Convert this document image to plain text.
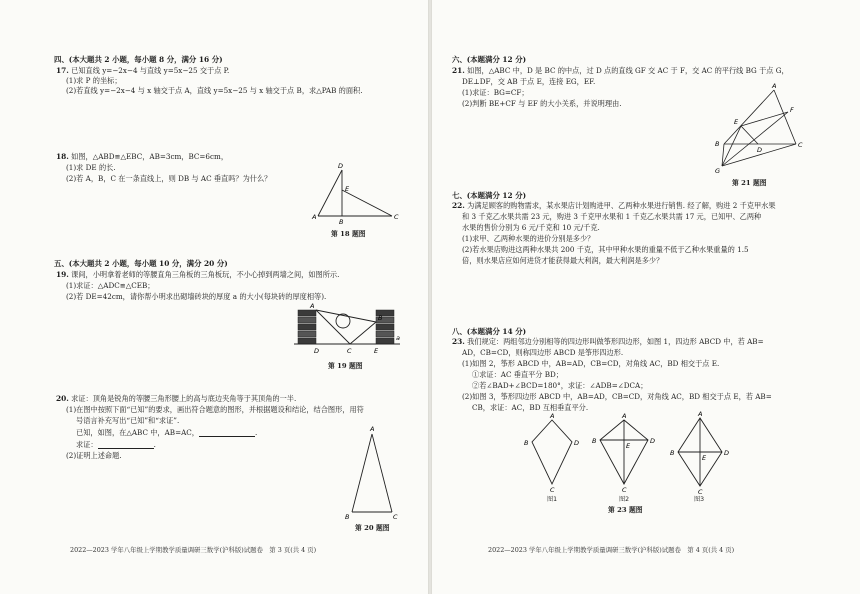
四、(本大题共 2 小题，每小题 8 分，满分 16 分)
17. 已知直线 y=−2x−4 与直线 y=5x−25 交于点 P.
(1)求 P 的坐标；
(2)若直线 y=−2x−4 与 x 轴交于点 A，直线 y=5x−25 与 x 轴交于点 B，求△PAB 的面积.
18. 如图，△ABD≌△EBC，AB=3cm，BC=6cm，
(1)求 DE 的长.
(2)若 A，B，C 在一条直线上，则 DB 与 AC 垂直吗？为什么？
D
E
A
B
C
第 18 题图
五、(本大题共 2 小题，每小题 10 分，满分 20 分)
19. 课间，小明拿着老师的等腰直角三角板的三角板玩，不小心掉到两墙之间，如图所示.
(1)求证：△ADC≌△CEB；
(2)若 DE=42cm，请你帮小明求出砌墙砖块的厚度 a 的大小(每块砖的厚度相等).
A
B
D	C	E
a
第 19 题图
20. 求证：顶角是锐角的等腰三角形腰上的高与底边夹角等于其顶角的一半.
(1)在图中按照下面“已知”的要求，画出符合题意的图形，并根据题设和结论，结合图形，用符
号语言补充写出“已知”和“求证”.
已知，如图，在△ABC 中，AB=AC，	.
求证：	.
(2)证明上述命题.
A
B	C
第 20 题图
2022—2023 学年八年级上学期教学质量调研三数学(沪科版)试题卷　第 3 页(共 4 页)
六、(本题满分 12 分)
21. 如图，△ABC 中，D 是 BC 的中点，过 D 点的直线 GF 交 AC 于 F，交 AC 的平行线 BG 于点 G，
DE⊥DF，交 AB 于点 E，连接 EG，EF.
(1)求证：BG=CF；
(2)判断 BE+CF 与 EF 的大小关系，并说明理由.
A
F
E
B
D
C
G
第 21 题图
七、(本题满分 12 分)
22. 为满足顾客的购物需求，某水果店计划购进甲、乙两种水果进行销售. 经了解，购进 2 千克甲水果
和 3 千克乙水果共需 23 元，购进 3 千克甲水果和 1 千克乙水果共需 17 元，已知甲、乙两种
水果的售价分别为 6 元/千克和 10 元/千克.
(1)求甲、乙两种水果的进价分别是多少？
(2)若水果店购进这两种水果共 200 千克，其中甲种水果的重量不低于乙种水果重量的 1.5
倍，则水果店应如何进货才能获得最大利润，最大利润是多少？
八、(本题满分 14 分)
23. 我们规定：两组邻边分别相等的四边形叫做筝形四边形，如图 1，四边形 ABCD 中，若 AB=
AD，CB=CD，则称四边形 ABCD 是筝形四边形.
(1)如图 2，筝形 ABCD 中，AB=AD，CB=CD，对角线 AC，BD 相交于点 E.
①求证：AC 垂直平分 BD；
②若∠BAD+∠BCD=180°，求证：∠ADB=∠DCA；
(2)如图 3，筝形四边形 ABCD 中，AB=AD，CB=CD，对角线 AC，BD 相交于点 E，若 AB=
CB，求证：AC，BD 互相垂直平分.
A
B	D
C
图1
A
B	D
E
C
图2
A
B	D
E
C
图3
第 23 题图
2022—2023 学年八年级上学期教学质量调研三数学(沪科版)试题卷　第 4 页(共 4 页)
